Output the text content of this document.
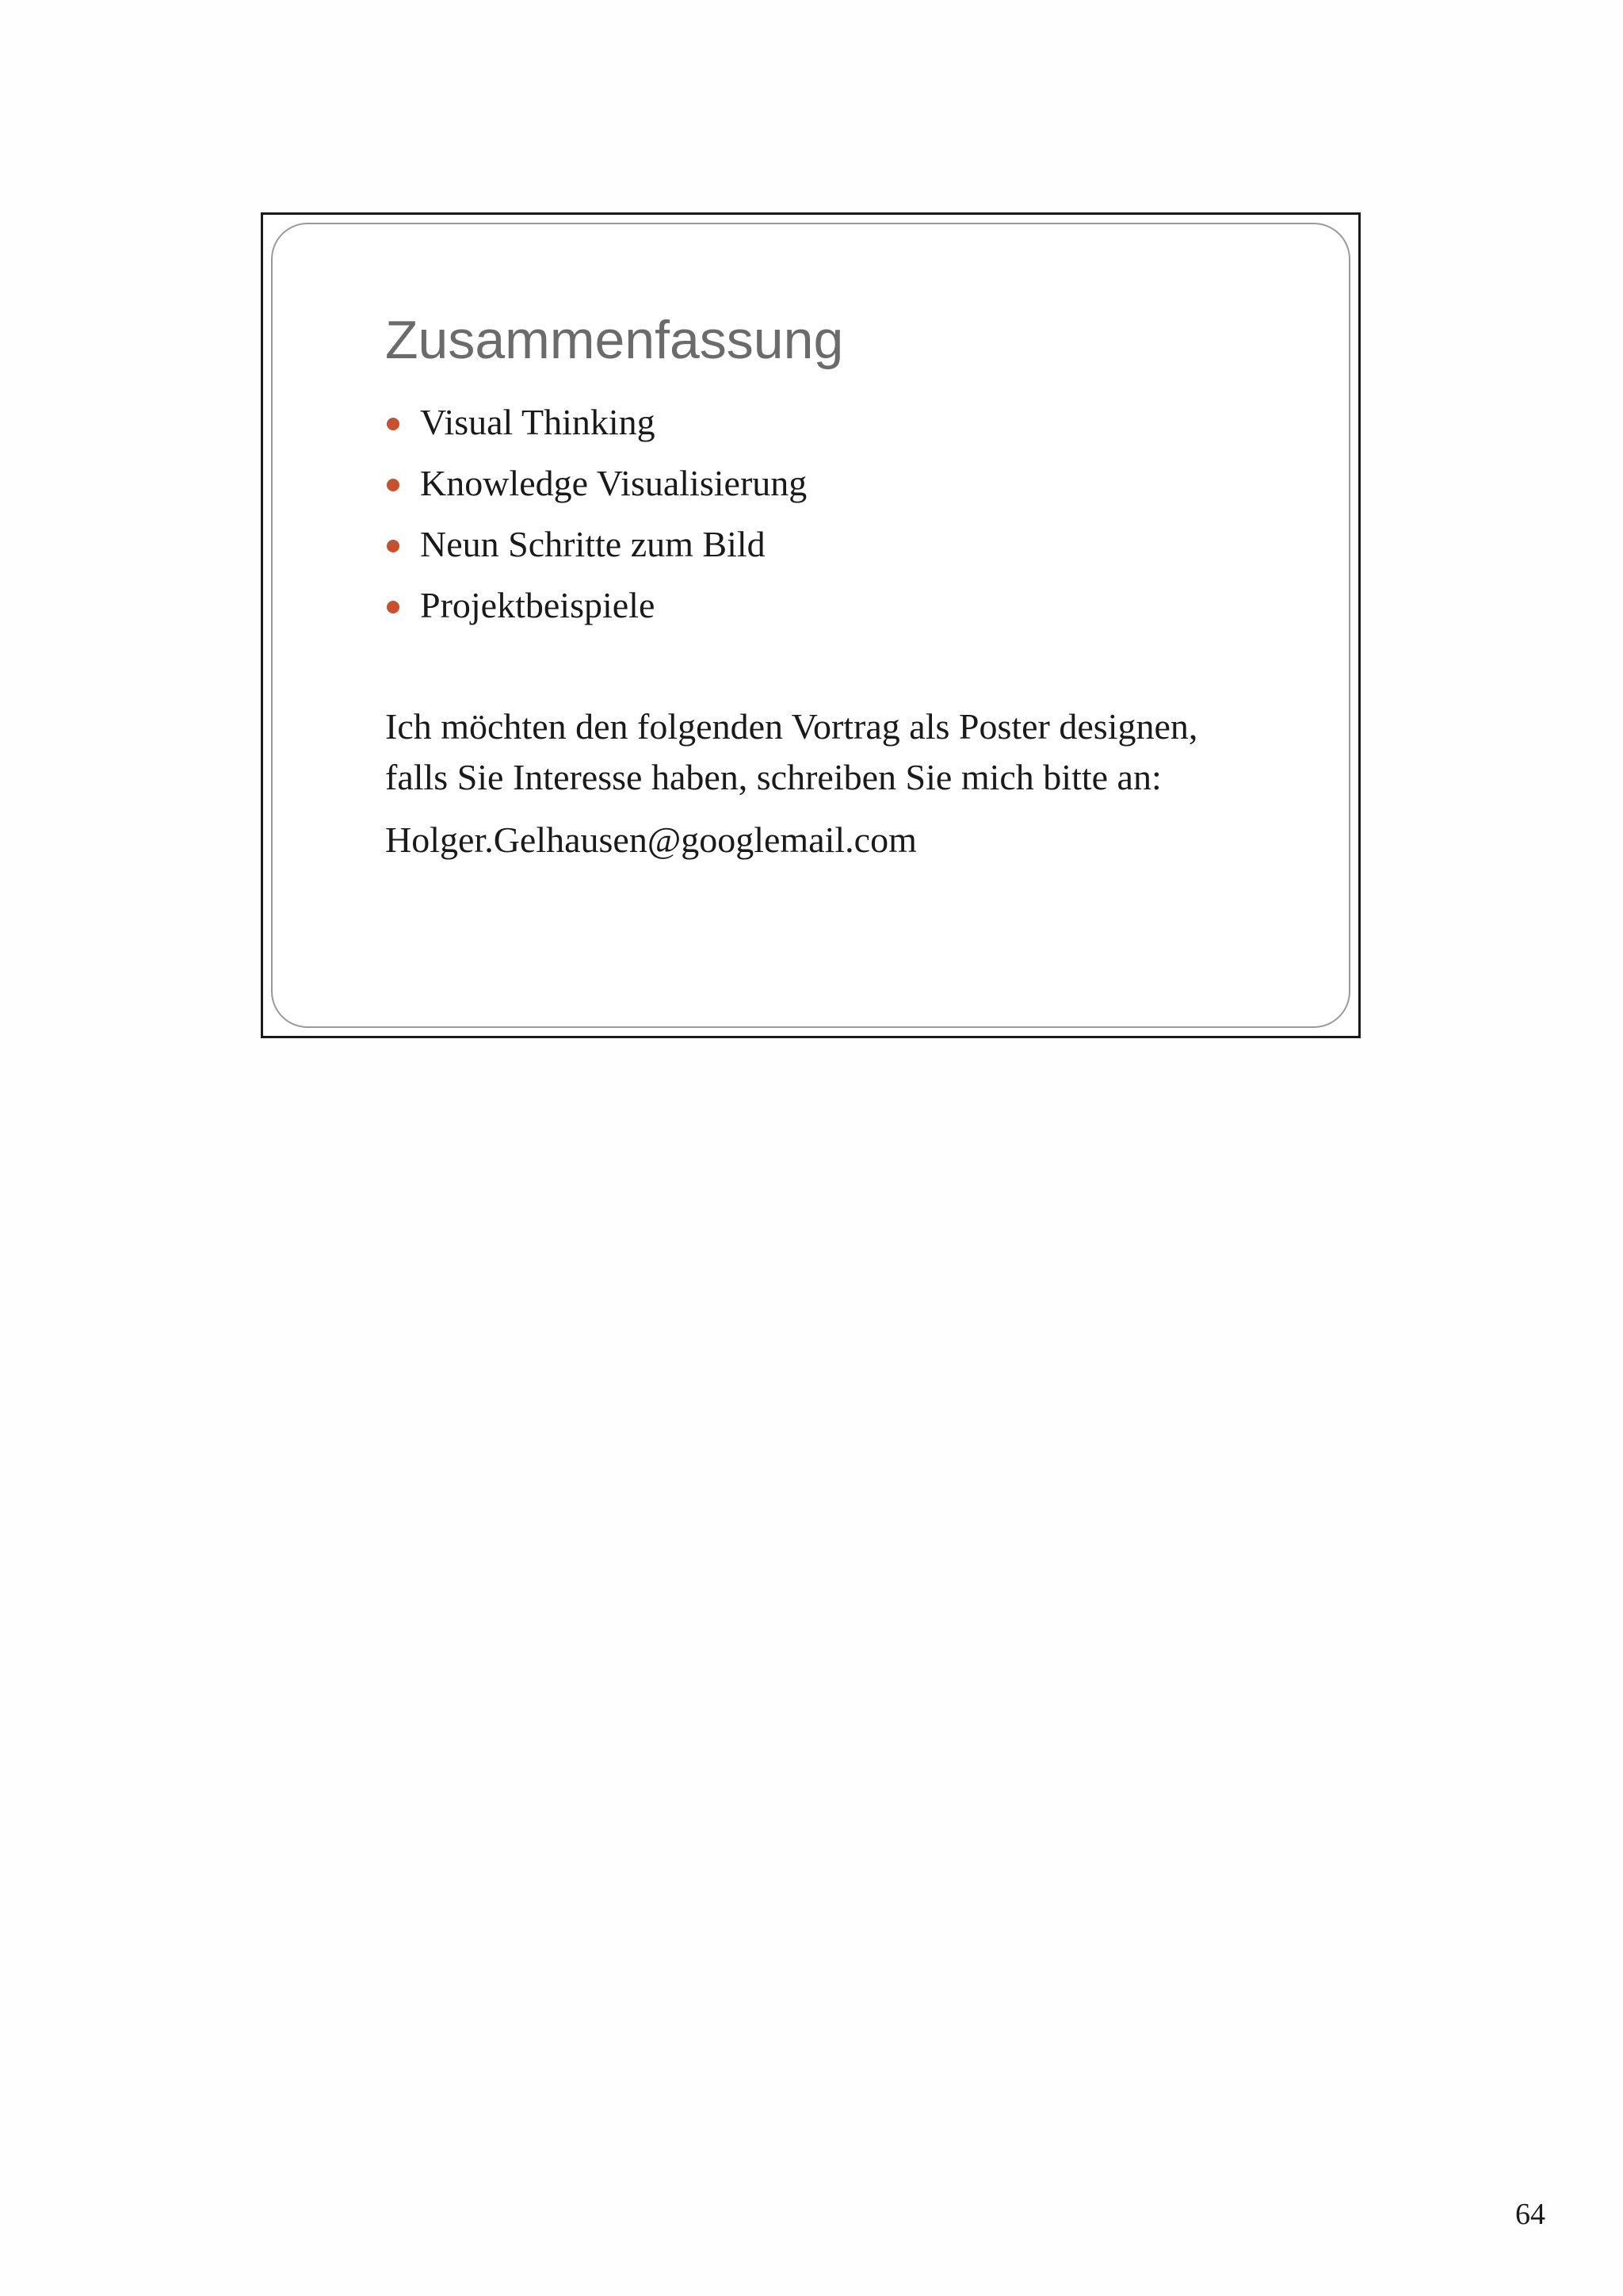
Zusammenfassung
Visual Thinking
Knowledge Visualisierung
Neun Schritte zum Bild
Projektbeispiele

Ich möchten den folgenden Vortrag als Poster designen,
falls Sie Interesse haben, schreiben Sie mich bitte an:

Holger.Gelhausen@googlemail.com

64
